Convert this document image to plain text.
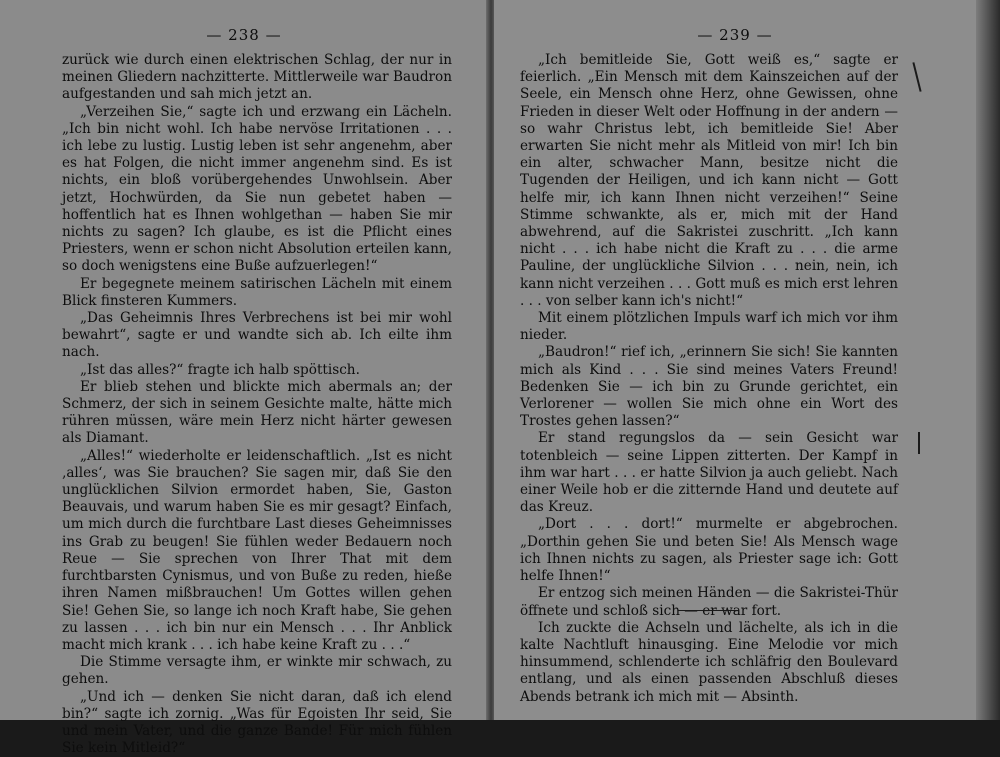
— 238 —

zurück wie durch einen elektrischen Schlag, der nur in meinen Gliedern nachzitterte. Mittlerweile war Baudron aufgestanden und sah mich jetzt an.

„Verzeihen Sie,“ sagte ich und erzwang ein Lächeln. „Ich bin nicht wohl. Ich habe nervöse Irritationen . . . ich lebe zu lustig. Lustig leben ist sehr angenehm, aber es hat Folgen, die nicht immer angenehm sind. Es ist nichts, ein bloß vorübergehendes Unwohlsein. Aber jetzt, Hochwürden, da Sie nun gebetet haben — hoffentlich hat es Ihnen wohlgethan — haben Sie mir nichts zu sagen? Ich glaube, es ist die Pflicht eines Priesters, wenn er schon nicht Absolution erteilen kann, so doch wenigstens eine Buße aufzuerlegen!“

Er begegnete meinem satirischen Lächeln mit einem Blick finsteren Kummers.

„Das Geheimnis Ihres Verbrechens ist bei mir wohl bewahrt“, sagte er und wandte sich ab. Ich eilte ihm nach.

„Ist das alles?“ fragte ich halb spöttisch.

Er blieb stehen und blickte mich abermals an; der Schmerz, der sich in seinem Gesichte malte, hätte mich rühren müssen, wäre mein Herz nicht härter gewesen als Diamant.

„Alles!“ wiederholte er leidenschaftlich. „Ist es nicht ‚alles‘, was Sie brauchen? Sie sagen mir, daß Sie den unglücklichen Silvion ermordet haben, Sie, Gaston Beauvais, und warum haben Sie es mir gesagt? Einfach, um mich durch die furchtbare Last dieses Geheimnisses ins Grab zu beugen! Sie fühlen weder Bedauern noch Reue — Sie sprechen von Ihrer That mit dem furchtbarsten Cynismus, und von Buße zu reden, hieße ihren Namen mißbrauchen! Um Gottes willen gehen Sie! Gehen Sie, so lange ich noch Kraft habe, Sie gehen zu lassen . . . ich bin nur ein Mensch . . . Ihr Anblick macht mich krank . . . ich habe keine Kraft zu . . .“

Die Stimme versagte ihm, er winkte mir schwach, zu gehen.

„Und ich — denken Sie nicht daran, daß ich elend bin?“ sagte ich zornig. „Was für Egoisten Ihr seid, Sie und mein Vater, und die ganze Bande! Für mich fühlen Sie kein Mitleid?“

— 239 —

„Ich bemitleide Sie, Gott weiß es,“ sagte er feierlich. „Ein Mensch mit dem Kainszeichen auf der Seele, ein Mensch ohne Herz, ohne Gewissen, ohne Frieden in dieser Welt oder Hoffnung in der andern — so wahr Christus lebt, ich bemitleide Sie! Aber erwarten Sie nicht mehr als Mitleid von mir! Ich bin ein alter, schwacher Mann, besitze nicht die Tugenden der Heiligen, und ich kann nicht — Gott helfe mir, ich kann Ihnen nicht verzeihen!“ Seine Stimme schwankte, als er, mich mit der Hand abwehrend, auf die Sakristei zuschritt. „Ich kann nicht . . . ich habe nicht die Kraft zu . . . die arme Pauline, der unglückliche Silvion . . . nein, nein, ich kann nicht verzeihen . . . Gott muß es mich erst lehren . . . von selber kann ich's nicht!“

Mit einem plötzlichen Impuls warf ich mich vor ihm nieder.

„Baudron!“ rief ich, „erinnern Sie sich! Sie kannten mich als Kind . . . Sie sind meines Vaters Freund! Bedenken Sie — ich bin zu Grunde gerichtet, ein Verlorener — wollen Sie mich ohne ein Wort des Trostes gehen lassen?“

Er stand regungslos da — sein Gesicht war totenbleich — seine Lippen zitterten. Der Kampf in ihm war hart . . . er hatte Silvion ja auch geliebt. Nach einer Weile hob er die zitternde Hand und deutete auf das Kreuz.

„Dort . . . dort!“ murmelte er abgebrochen. „Dorthin gehen Sie und beten Sie! Als Mensch wage ich Ihnen nichts zu sagen, als Priester sage ich: Gott helfe Ihnen!“

Er entzog sich meinen Händen — die Sakristei-Thür öffnete und schloß sich — er war fort.

Ich zuckte die Achseln und lächelte, als ich in die kalte Nachtluft hinausging. Eine Melodie vor mich hinsummend, schlenderte ich schläfrig den Boulevard entlang, und als einen passenden Abschluß dieses Abends betrank ich mich mit — Absinth.
